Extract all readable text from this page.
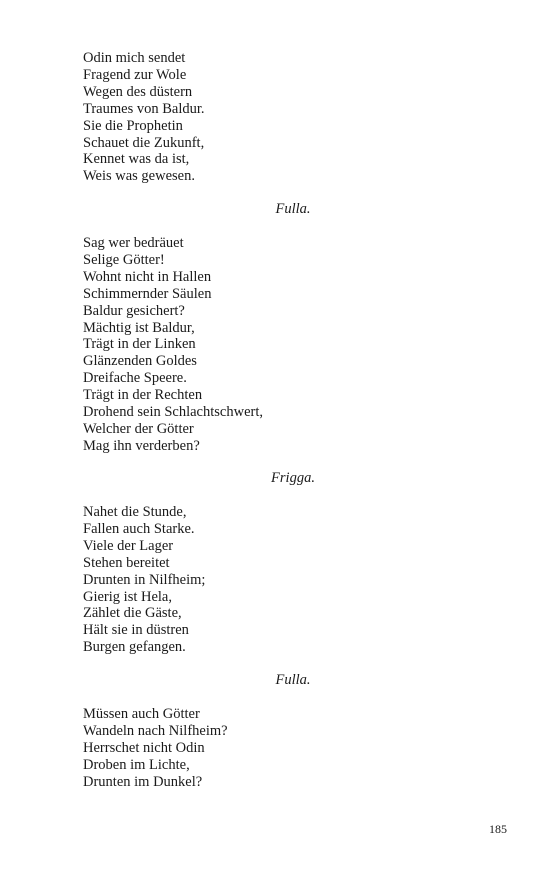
Odin mich sendet
Fragend zur Wole
Wegen des düstern
Traumes von Baldur.
Sie die Prophetin
Schauet die Zukunft,
Kennet was da ist,
Weis was gewesen.
Fulla.
Sag wer bedräuet
Selige Götter!
Wohnt nicht in Hallen
Schimmernder Säulen
Baldur gesichert?
Mächtig ist Baldur,
Trägt in der Linken
Glänzenden Goldes
Dreifache Speere.
Trägt in der Rechten
Drohend sein Schlachtschwert,
Welcher der Götter
Mag ihn verderben?
Frigga.
Nahet die Stunde,
Fallen auch Starke.
Viele der Lager
Stehen bereitet
Drunten in Nilfheim;
Gierig ist Hela,
Zählet die Gäste,
Hält sie in düstren
Burgen gefangen.
Fulla.
Müssen auch Götter
Wandeln nach Nilfheim?
Herrschet nicht Odin
Droben im Lichte,
Drunten im Dunkel?
185
